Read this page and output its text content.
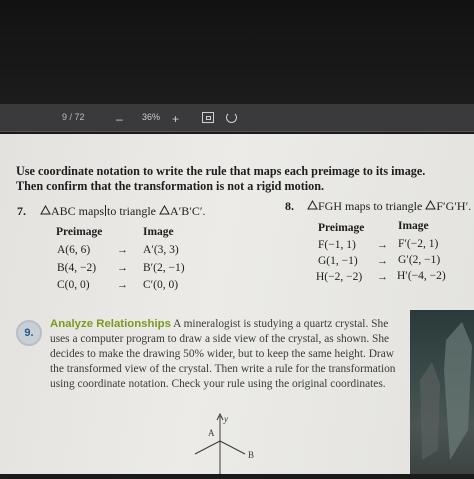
9 / 72	– 36% +
Use coordinate notation to write the rule that maps each preimage to its image.
Then confirm that the transformation is not a rigid motion.
7.	ABC maps to triangle A′B′C′.
Preimage	Image
A(6, 6) → A′(3, 3)
B(4, −2) → B′(2, −1)
C(0, 0) → C′(0, 0)
8.	FGH maps to triangle F′G′H′.
Preimage	Image
F(−1, 1) → F′(−2, 1)
G(1, −1) → G′(2, −1)
H(−2, −2) → H′(−4, −2)
9.
Analyze Relationships A mineralogist is studying a quartz crystal. She
uses a computer program to draw a side view of the crystal, as shown. She
decides to make the drawing 50% wider, but to keep the same height. Draw
the transformed view of the crystal. Then write a rule for the transformation
using coordinate notation. Check your rule using the original coordinates.
y
A
B
